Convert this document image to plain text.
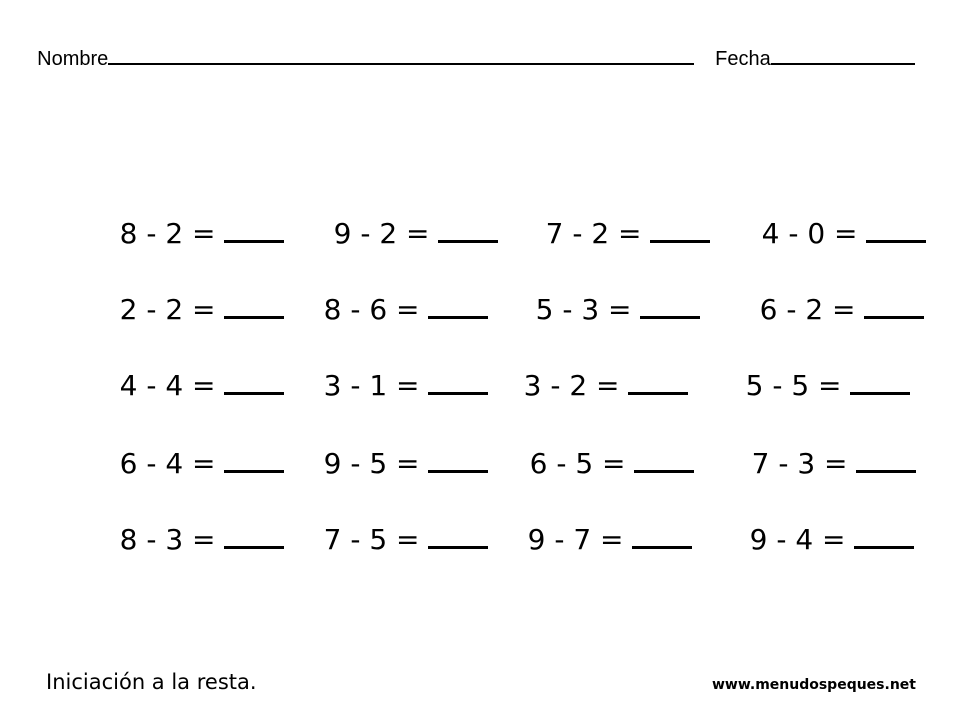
Nombre	Fecha

8 - 2 =
	9 - 2 =
	7 - 2 =
	4 - 0 =

2 - 2 =
	8 - 6 =
	5 - 3 =
	6 - 2 =

4 - 4 =
	3 - 1 =
	3 - 2 =
	5 - 5 =

6 - 4 =
	9 - 5 =
	6 - 5 =
	7 - 3 =

8 - 3 =
	7 - 5 =
	9 - 7 =
	9 - 4 =

Iniciación a la resta.	www.menudospeques.net
